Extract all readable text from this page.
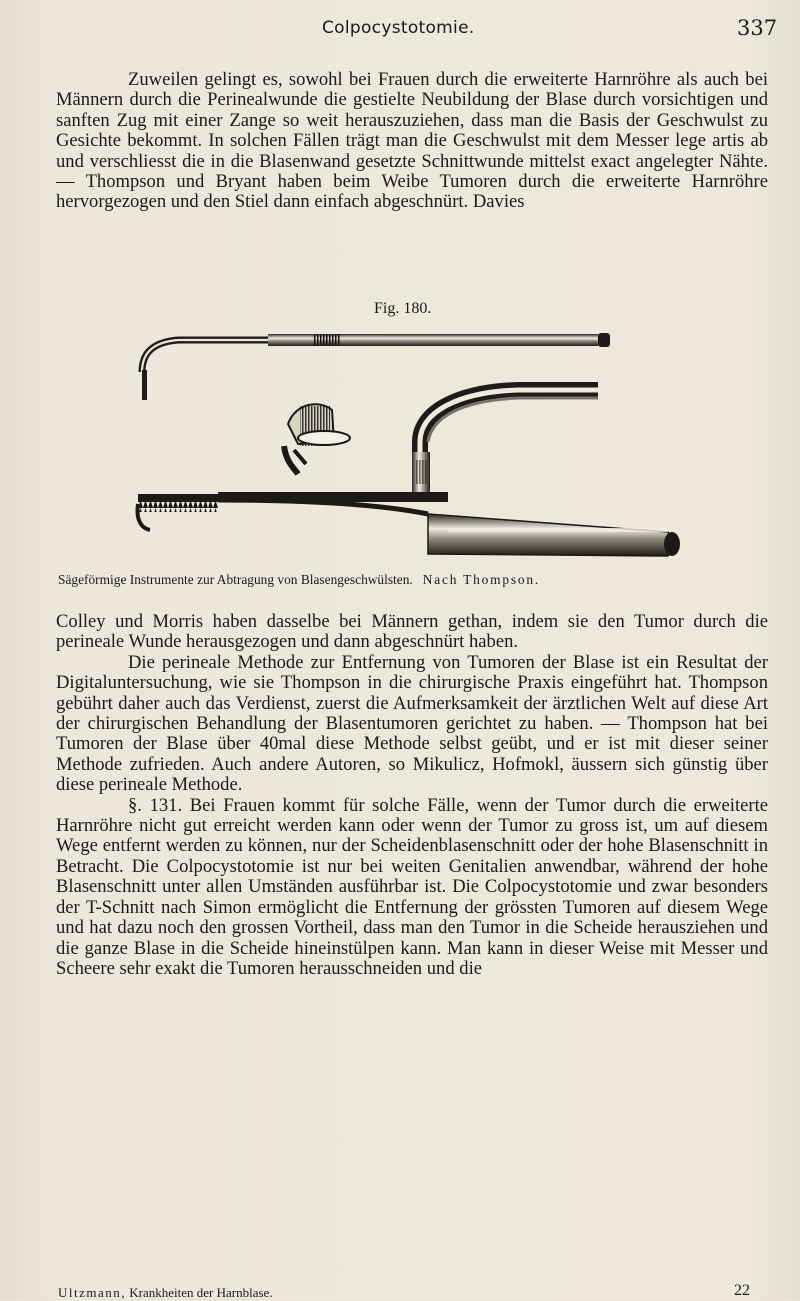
Colpocystotomie.	337

Zuweilen gelingt es, sowohl bei Frauen durch die erweiterte Harnröhre als auch bei Männern durch die Perinealwunde die gestielte Neubildung der Blase durch vorsichtigen und sanften Zug mit einer Zange so weit herauszuziehen, dass man die Basis der Geschwulst zu Gesichte bekommt. In solchen Fällen trägt man die Geschwulst mit dem Messer lege artis ab und verschliesst die in die Blasenwand gesetzte Schnittwunde mittelst exact angelegter Nähte. — Thompson und Bryant haben beim Weibe Tumoren durch die erweiterte Harnröhre hervorgezogen und den Stiel dann einfach abgeschnürt. Davies

Fig. 180.
Sägeförmige Instrumente zur Abtragung von Blasengeschwülsten. Nach Thompson.

Colley und Morris haben dasselbe bei Männern gethan, indem sie den Tumor durch die perineale Wunde herausgezogen und dann abgeschnürt haben.

Die perineale Methode zur Entfernung von Tumoren der Blase ist ein Resultat der Digitaluntersuchung, wie sie Thompson in die chirurgische Praxis eingeführt hat. Thompson gebührt daher auch das Verdienst, zuerst die Aufmerksamkeit der ärztlichen Welt auf diese Art der chirurgischen Behandlung der Blasentumoren gerichtet zu haben. — Thompson hat bei Tumoren der Blase über 40mal diese Methode selbst geübt, und er ist mit dieser seiner Methode zufrieden. Auch andere Autoren, so Mikulicz, Hofmokl, äussern sich günstig über diese perineale Methode.

§. 131. Bei Frauen kommt für solche Fälle, wenn der Tumor durch die erweiterte Harnröhre nicht gut erreicht werden kann oder wenn der Tumor zu gross ist, um auf diesem Wege entfernt werden zu können, nur der Scheidenblasenschnitt oder der hohe Blasenschnitt in Betracht. Die Colpocystotomie ist nur bei weiten Genitalien anwendbar, während der hohe Blasenschnitt unter allen Umständen ausführbar ist. Die Colpocystotomie und zwar besonders der T-Schnitt nach Simon ermöglicht die Entfernung der grössten Tumoren auf diesem Wege und hat dazu noch den grossen Vortheil, dass man den Tumor in die Scheide herausziehen und die ganze Blase in die Scheide hineinstülpen kann. Man kann in dieser Weise mit Messer und Scheere sehr exakt die Tumoren herausschneiden und die

Ultzmann, Krankheiten der Harnblase.	22
